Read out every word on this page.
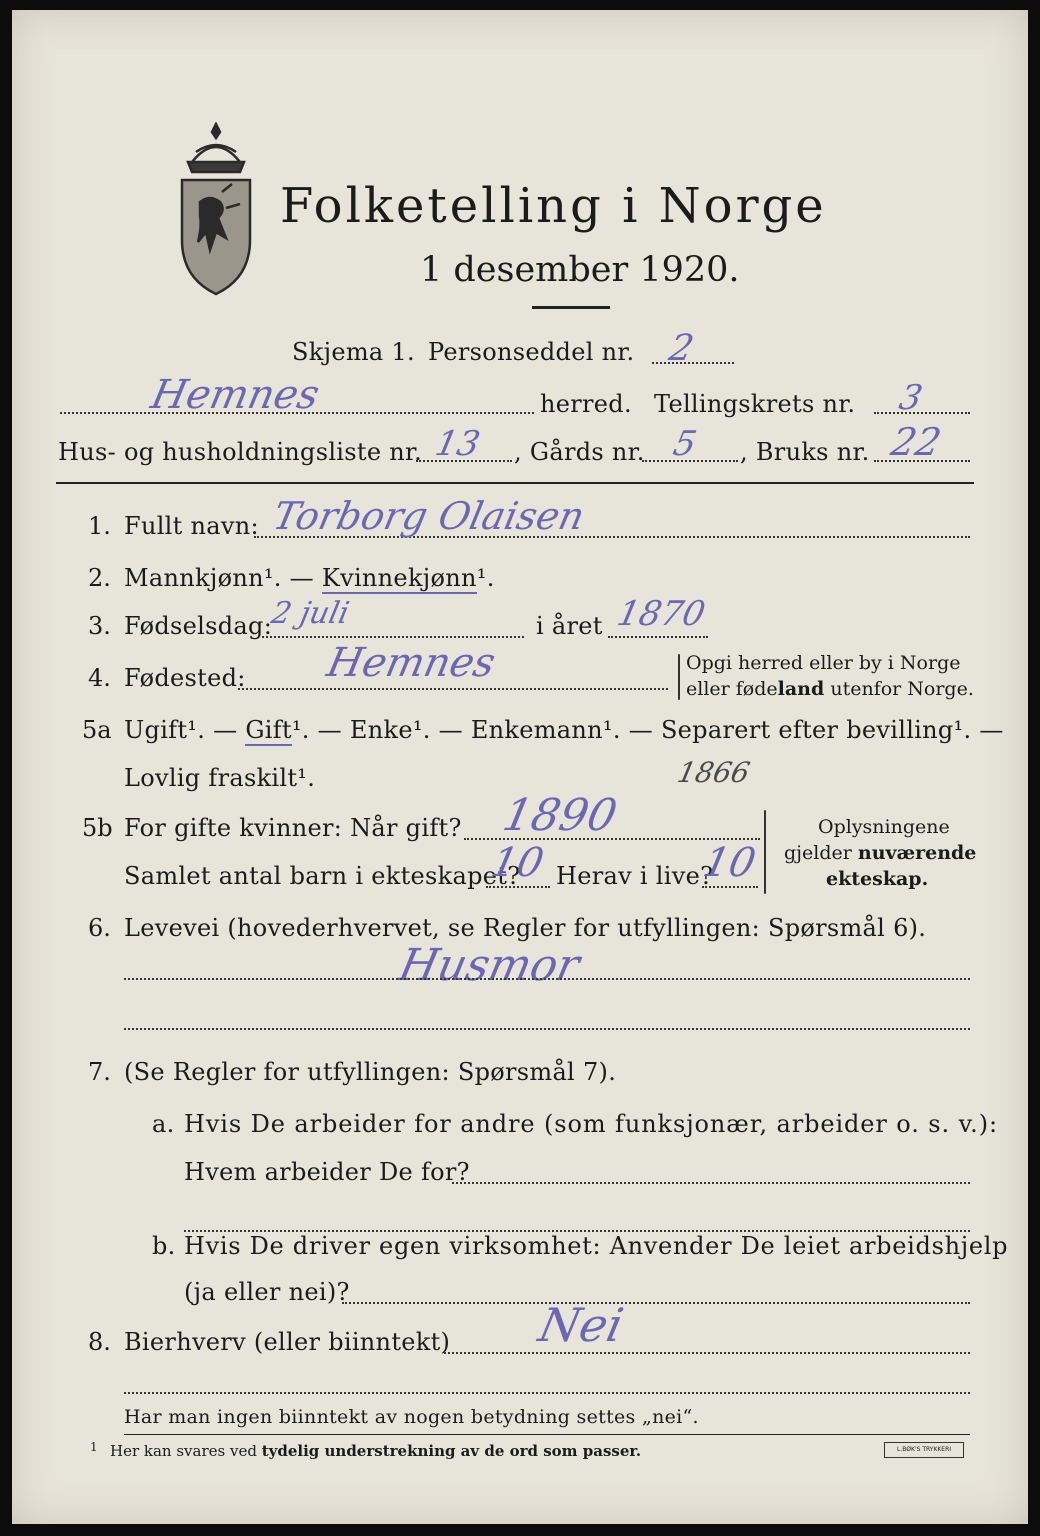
Folketelling i Norge
1 desember 1920.
Skjema 1. Personseddel nr. 2
Hemnes	herred. Tellingskrets nr. 3
Hus- og husholdningsliste nr. 13 , Gårds nr. 5 , Bruks nr. 22
1. Fullt navn: Torborg Olaisen
2. Mannkjønn¹. — Kvinnekjønn¹.
3. Fødselsdag:
2 juli	i året 1870
4. Fødested: Hemnes	Opgi herred eller by i Norge
eller fødeland utenfor Norge.
5a Ugift¹. — Gift¹. — Enke¹. — Enkemann¹. — Separert efter bevilling¹. —
Lovlig fraskilt¹.	1866
5b For gifte kvinner: Når gift? 1890
Samlet antal barn i ekteskapet?
10 Herav i live?
10
Oplysningene
gjelder nuværende
ekteskap.
6. Levevei (hovederhvervet, se Regler for utfyllingen: Spørsmål 6).
Husmor
7. (Se Regler for utfyllingen: Spørsmål 7).
a. Hvis De arbeider for andre (som funksjonær, arbeider o. s. v.):
Hvem arbeider De for?
b. Hvis De driver egen virksomhet: Anvender De leiet arbeidshjelp
(ja eller nei)?
8. Bierhverv (eller biinntekt) Nei
Har man ingen biinntekt av nogen betydning settes „nei“.
1 Her kan svares ved tydelig understrekning av de ord som passer.	L.BØK'S TRYKKERI
